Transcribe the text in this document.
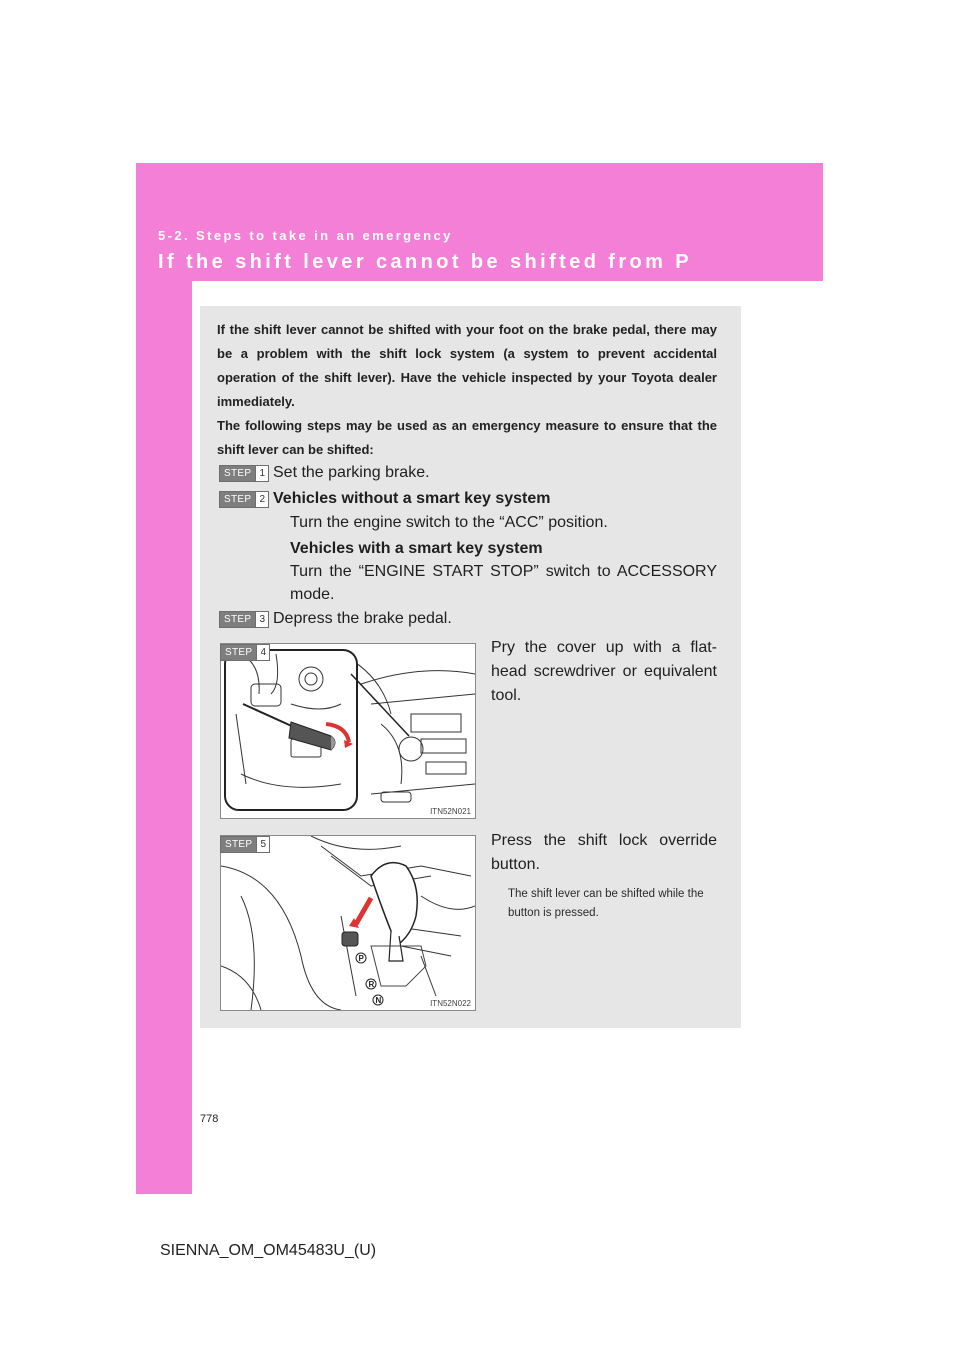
5-2. Steps to take in an emergency
If the shift lever cannot be shifted from P

If the shift lever cannot be shifted with your foot on the brake pedal, there may be a problem with the shift lock system (a system to prevent accidental operation of the shift lever). Have the vehicle inspected by your Toyota dealer immediately.

The following steps may be used as an emergency measure to ensure that the shift lever can be shifted:

STEP 1 Set the parking brake.
STEP 2 Vehicles without a smart key system
Turn the engine switch to the “ACC” position.
Vehicles with a smart key system
Turn the “ENGINE START STOP” switch to ACCESSORY
mode.
STEP 3 Depress the brake pedal.
ITN52N021
STEP 4	Pry the cover up with a flat-head screwdriver or equivalent tool.
P
R
N	ITN52N022
STEP 5	Press the shift lock override button.
The shift lever can be shifted while the button is pressed.
778
SIENNA_OM_OM45483U_(U)
